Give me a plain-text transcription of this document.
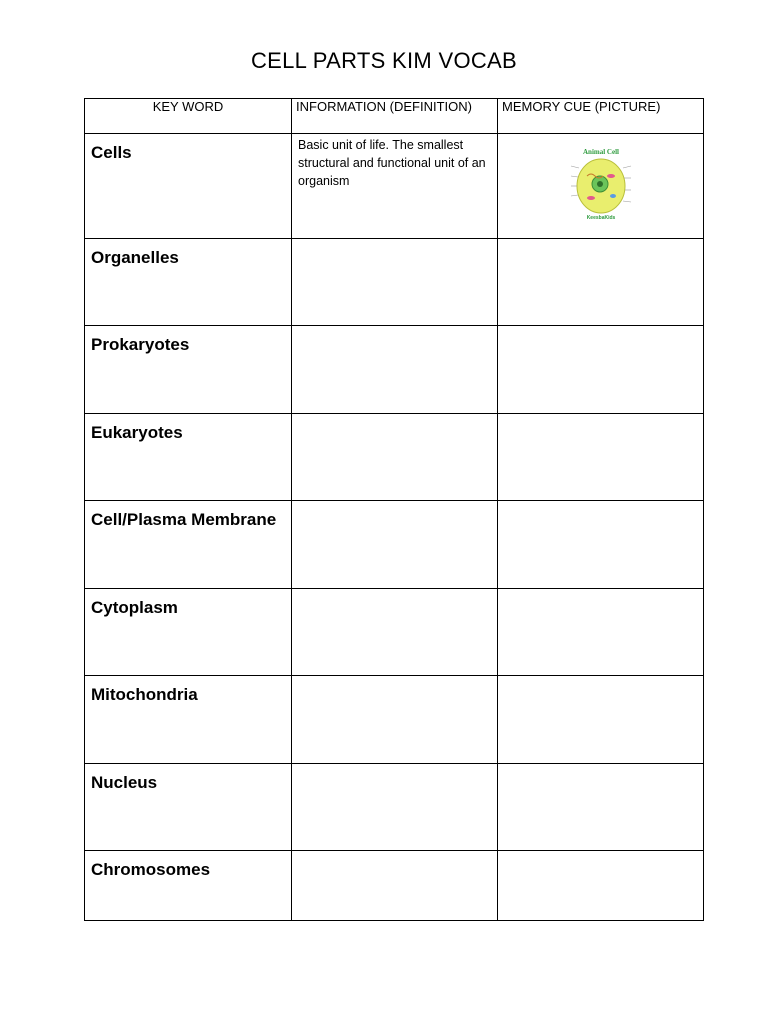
CELL PARTS KIM VOCAB
KEY WORD	INFORMATION (DEFINITION)	MEMORY CUE (PICTURE)

Cells	Basic unit of life. The smallest structural and functional unit of an organism	Animal Cell
KeesbaKids

Organelles		

Prokaryotes		

Eukaryotes		

Cell/Plasma Membrane		

Cytoplasm		

Mitochondria		

Nucleus		

Chromosomes		
